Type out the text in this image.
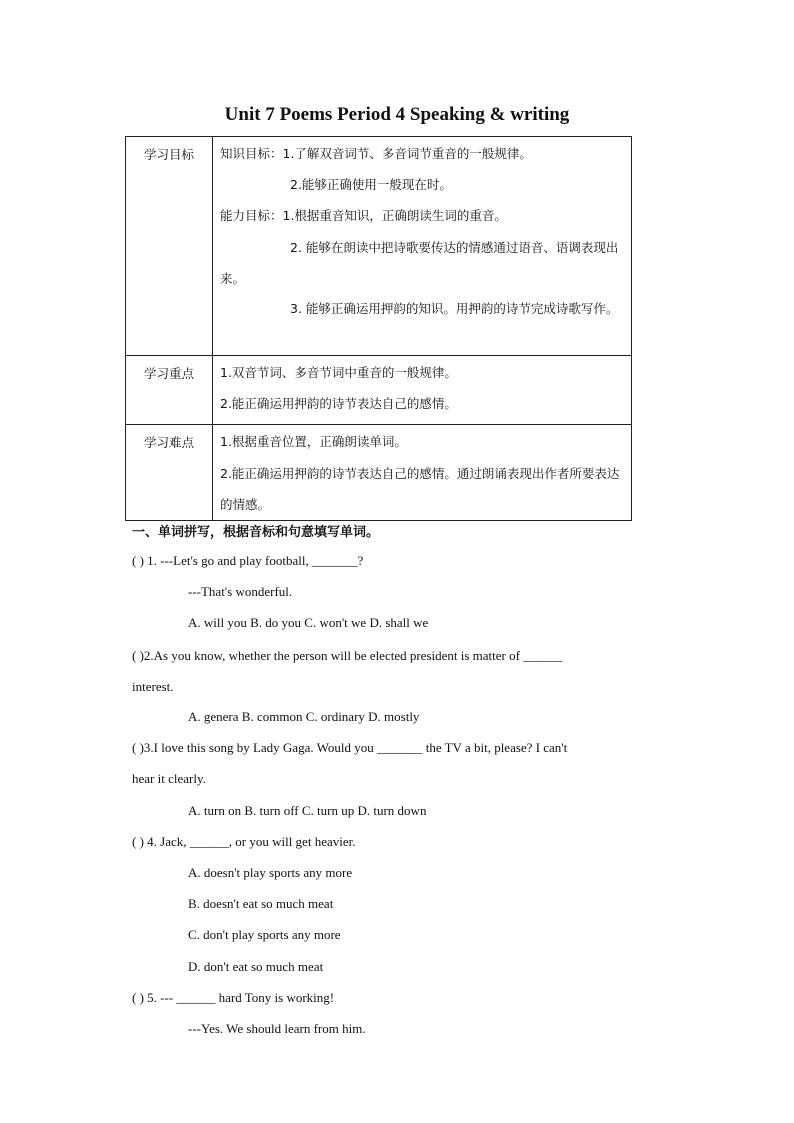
Unit 7 Poems Period 4 Speaking & writing
学习目标	知识目标：1.了解双音词节、多音词节重音的一般规律。
2.能够正确使用一般现在时。
能力目标：1.根据重音知识，正确朗读生词的重音。
2. 能够在朗读中把诗歌要传达的情感通过语音、语调表现出来。
3. 能够正确运用押韵的知识。用押韵的诗节完成诗歌写作。

学习重点	1.双音节词、多音节词中重音的一般规律。
2.能正确运用押韵的诗节表达自己的感情。

学习难点	1.根据重音位置，正确朗读单词。
2.能正确运用押韵的诗节表达自己的感情。通过朗诵表现出作者所要表达的情感。
一、单词拼写，根据音标和句意填写单词。
( ) 1. ---Let's go and play football, _______?
---That's wonderful.
A. will you B. do you C. won't we D. shall we
( )2.As you know, whether the person will be elected president is matter of ______
interest.
A. genera B. common C. ordinary D. mostly
( )3.I love this song by Lady Gaga. Would you _______ the TV a bit, please? I can't
hear it clearly.
A. turn on B. turn off C. turn up D. turn down
( ) 4. Jack, ______, or you will get heavier.
A. doesn't play sports any more
B. doesn't eat so much meat
C. don't play sports any more
D. don't eat so much meat
( ) 5. --- ______ hard Tony is working!
---Yes. We should learn from him.
